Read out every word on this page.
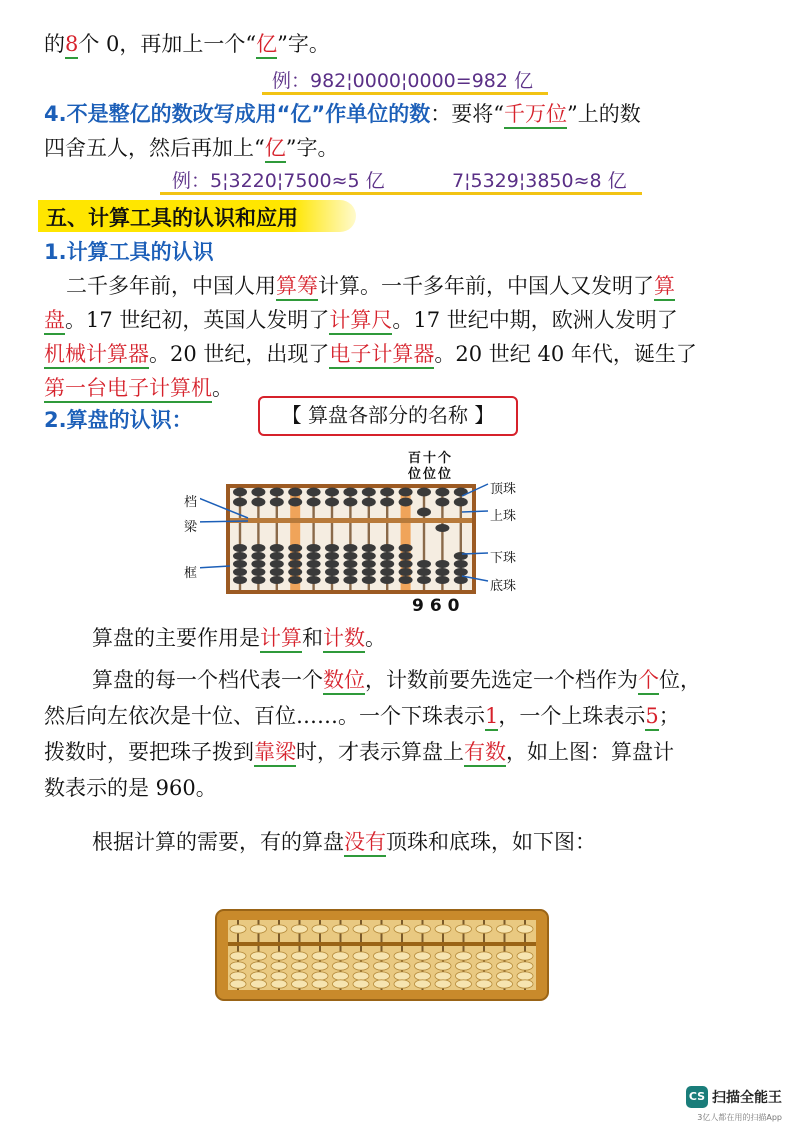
的8个 0，再加上一个“亿”字。
例：982¦0000¦0000=982 亿
4.不是整亿的数改写成用“亿”作单位的数：要将“千万位”上的数
四舍五人，然后再加上“亿”字。
例：5¦3220¦7500≈5 亿	7¦5329¦3850≈8 亿
五、计算工具的认识和应用
1.计算工具的认识
二千多年前，中国人用算筹计算。一千多年前，中国人又发明了算
盘。17 世纪初，英国人发明了计算尺。17 世纪中期，欧洲人发明了
机械计算器。20 世纪，出现了电子计算器。20 世纪 40 年代，诞生了
第一台电子计算机。
2.算盘的认识：	【 算盘各部分的名称 】
百十个
位位位
档
梁
框
顶珠
上珠
下珠
底珠
960
算盘的主要作用是计算和计数。
算盘的每一个档代表一个数位，计数前要先选定一个档作为个位，
然后向左依次是十位、百位……。一个下珠表示1，一个上珠表示5；
拨数时，要把珠子拨到靠梁时，才表示算盘上有数，如上图：算盘计
数表示的是 960。
根据计算的需要，有的算盘没有顶珠和底珠，如下图：
CS 扫描全能王
3亿人都在用的扫描App
